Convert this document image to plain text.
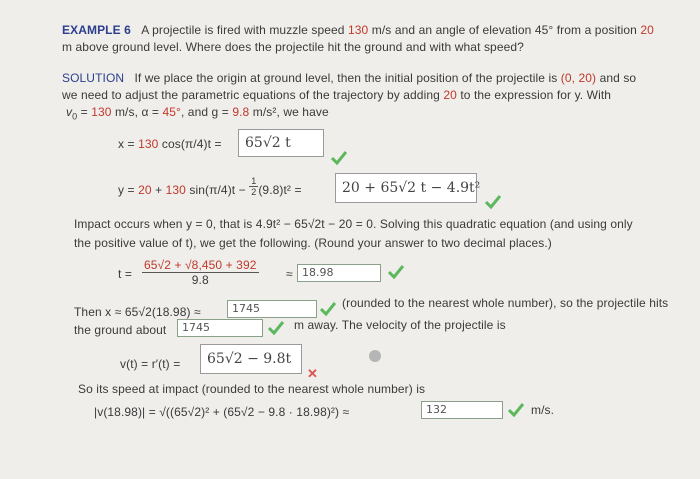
EXAMPLE 6 A projectile is fired with muzzle speed 130 m/s and an angle of elevation 45° from a position 20
m above ground level. Where does the projectile hit the ground and with what speed?
SOLUTION If we place the origin at ground level, then the initial position of the projectile is (0, 20) and so
we need to adjust the parametric equations of the trajectory by adding 20 to the expression for y. With
$v_0 = 130$ m/s, α = 45°, and g = 9.8 m/s², we have
x = 130 cos(π/4)t =	65√2 t
y = 20 + 130 $\sin(\pi/4)t - \frac{1}{2} (9.8)t^2$ =	20 + 65√2 t − 4.9t²
Impact occurs when y = 0, that is 4.9t² − 65√2t − 20 = 0. Solving this quadratic equation (and using only
the positive value of t), we get the following. (Round your answer to two decimal places.)
$t = \frac{65√2 + √8,450 + 392}{9.8} \approx 18.98$
Then x ≈ 65√2(18.98) ≈	1745	(rounded to the nearest whole number), so the projectile hits
the ground about	1745	m away. The velocity of the projectile is
v(t) = r′(t) =	65√2 − 9.8t
✕
So its speed at impact (rounded to the nearest whole number) is
|v(18.98)| = √((65√2)² + (65√2 − 9.8 · 18.98)²) ≈	132	m/s.
